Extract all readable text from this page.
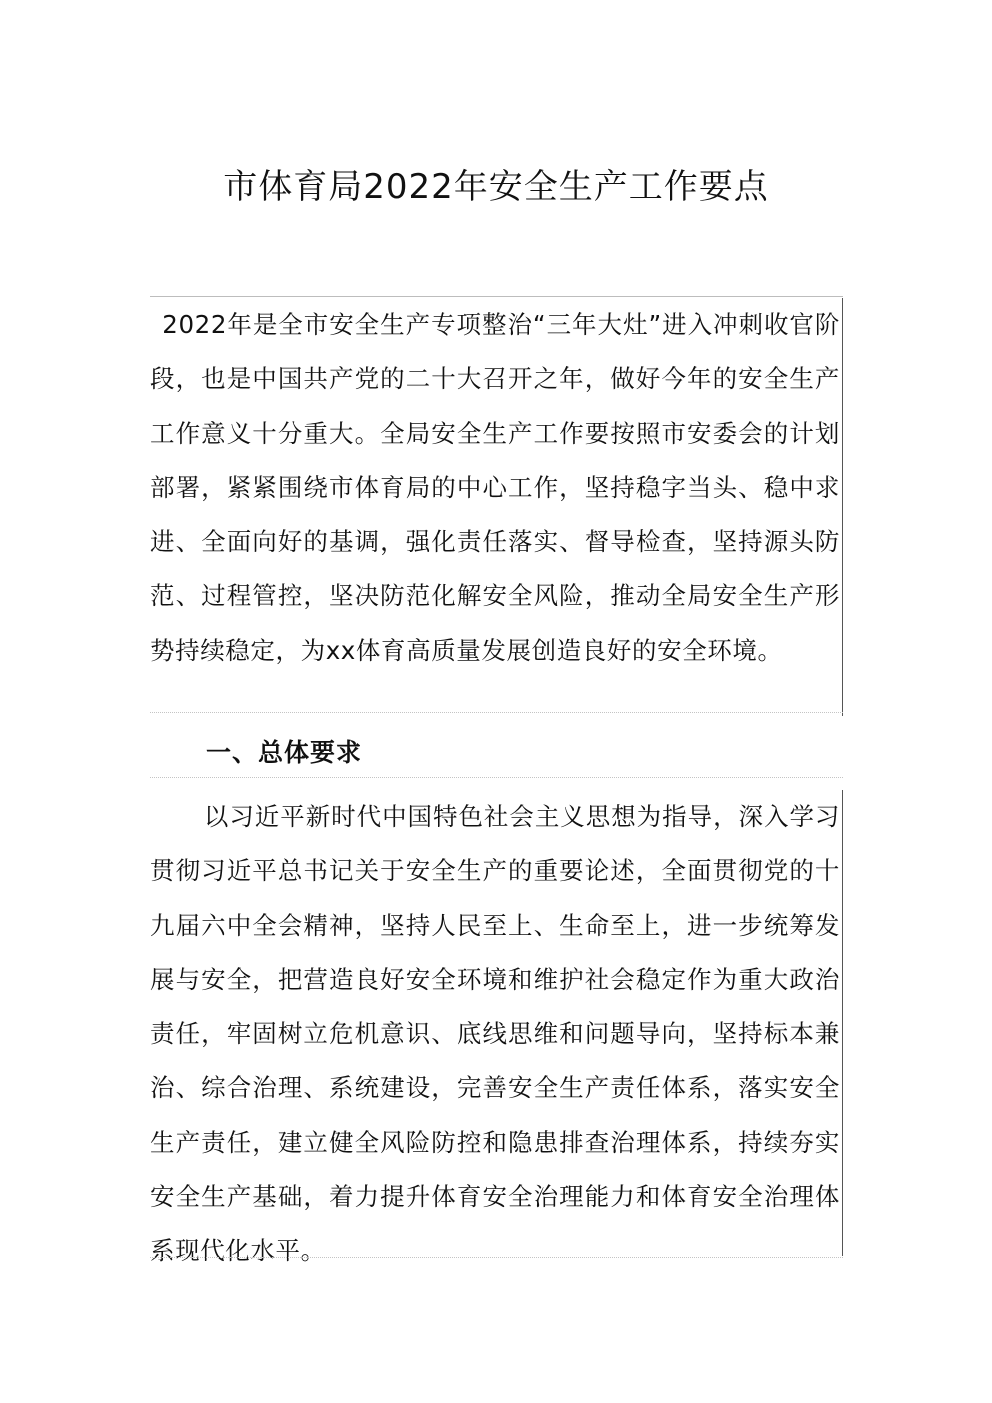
市体育局2022年安全生产工作要点
2022年是全市安全生产专项整治“三年大灶”进入冲刺收官阶段，也是中国共产党的二十大召开之年，做好今年的安全生产工作意义十分重大。全局安全生产工作要按照市安委会的计划部署，紧紧围绕市体育局的中心工作，坚持稳字当头、稳中求进、全面向好的基调，强化责任落实、督导检查，坚持源头防范、过程管控，坚决防范化解安全风险，推动全局安全生产形势持续稳定，为xx体育高质量发展创造良好的安全环境。
一、总体要求
以习近平新时代中国特色社会主义思想为指导，深入学习贯彻习近平总书记关于安全生产的重要论述，全面贯彻党的十九届六中全会精神，坚持人民至上、生命至上，进一步统筹发展与安全，把营造良好安全环境和维护社会稳定作为重大政治责任，牢固树立危机意识、底线思维和问题导向，坚持标本兼治、综合治理、系统建设，完善安全生产责任体系，落实安全生产责任，建立健全风险防控和隐患排查治理体系，持续夯实安全生产基础，着力提升体育安全治理能力和体育安全治理体系现代化水平。
